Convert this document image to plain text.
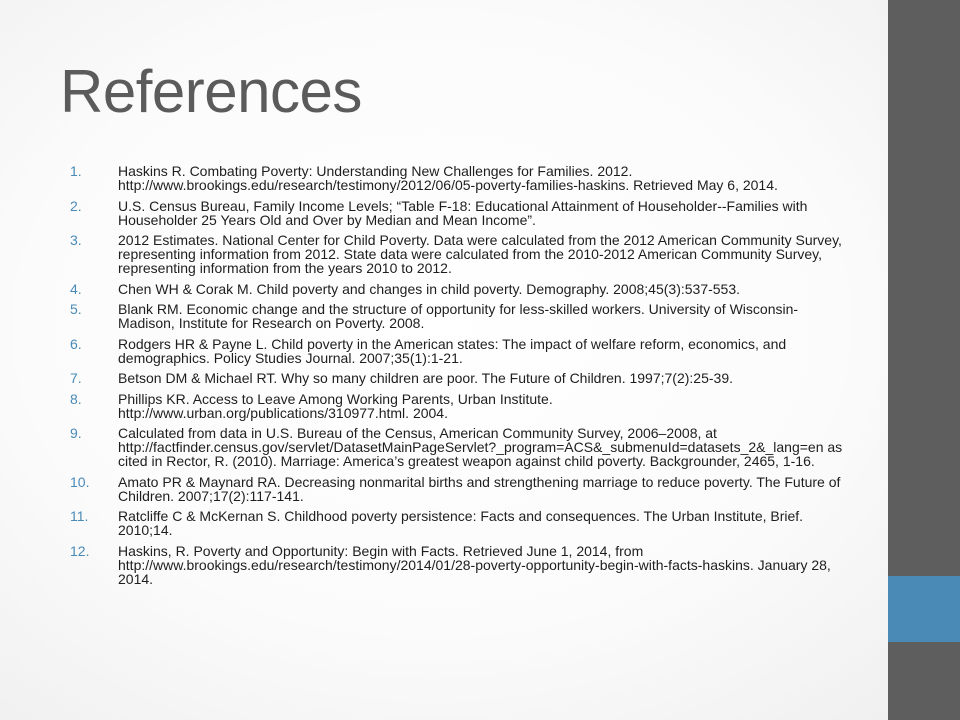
References
1.	Haskins R. Combating Poverty: Understanding New Challenges for Families. 2012. http://www.brookings.edu/research/testimony/2012/06/05-poverty-families-haskins. Retrieved May 6, 2014.
2.	U.S. Census Bureau, Family Income Levels; “Table F-18: Educational Attainment of Householder--Families with Householder 25 Years Old and Over by Median and Mean Income”.
3.	2012 Estimates. National Center for Child Poverty. Data were calculated from the 2012 American Community Survey, representing information from 2012. State data were calculated from the 2010-2012 American Community Survey, representing information from the years 2010 to 2012.
4.	Chen WH & Corak M. Child poverty and changes in child poverty. Demography. 2008;45(3):537-553.
5.	Blank RM. Economic change and the structure of opportunity for less-skilled workers. University of Wisconsin-Madison, Institute for Research on Poverty. 2008.
6.	Rodgers HR & Payne L. Child poverty in the American states: The impact of welfare reform, economics, and demographics. Policy Studies Journal. 2007;35(1):1-21.
7.	Betson DM & Michael RT. Why so many children are poor. The Future of Children. 1997;7(2):25-39.
8.	Phillips KR. Access to Leave Among Working Parents, Urban Institute. http://www.urban.org/publications/310977.html. 2004.
9.	Calculated from data in U.S. Bureau of the Census, American Community Survey, 2006–2008, at http://factfinder.census.gov/servlet/DatasetMainPageServlet?_program=ACS&_submenuId=datasets_2&_lang=en as cited in Rector, R. (2010). Marriage: America’s greatest weapon against child poverty. Backgrounder, 2465, 1-16.
10.	Amato PR & Maynard RA. Decreasing nonmarital births and strengthening marriage to reduce poverty. The Future of Children. 2007;17(2):117-141.
11.	Ratcliffe C & McKernan S. Childhood poverty persistence: Facts and consequences. The Urban Institute, Brief. 2010;14.
12.	Haskins, R. Poverty and Opportunity: Begin with Facts. Retrieved June 1, 2014, from http://www.brookings.edu/research/testimony/2014/01/28-poverty-opportunity-begin-with-facts-haskins. January 28, 2014.
